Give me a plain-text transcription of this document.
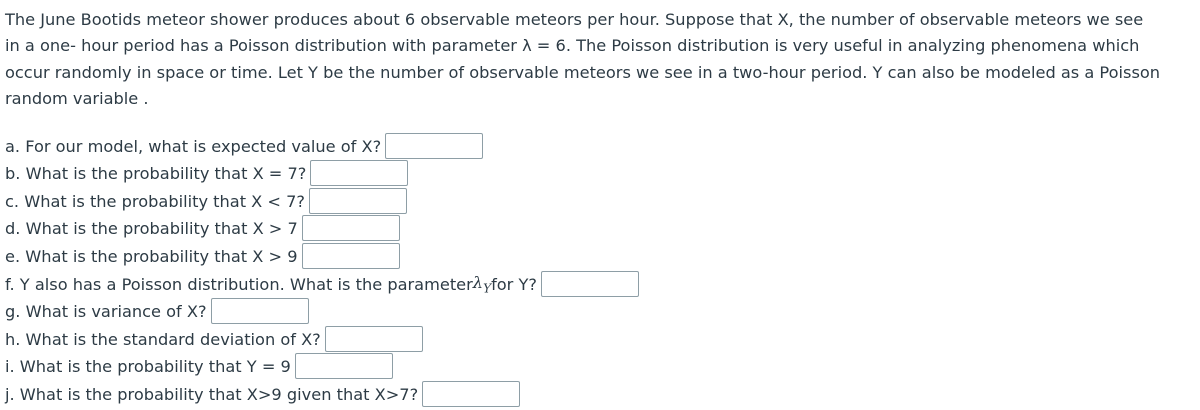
The June Bootids meteor shower produces about 6 observable meteors per hour. Suppose that X, the number of observable meteors we see

in a one- hour period has a Poisson distribution with parameter λ = 6. The Poisson distribution is very useful in analyzing phenomena which

occur randomly in space or time. Let Y be the number of observable meteors we see in a two-hour period. Y can also be modeled as a Poisson

random variable .

a. For our model, what is expected value of X?
b. What is the probability that X = 7?
c. What is the probability that X < 7?
d. What is the probability that X > 7
e. What is the probability that X > 9
f. Y also has a Poisson distribution. What is the parameter $\lambda_Y$ for Y?
g. What is variance of X?
h. What is the standard deviation of X?
i. What is the probability that Y = 9
j. What is the probability that X>9 given that X>7?
